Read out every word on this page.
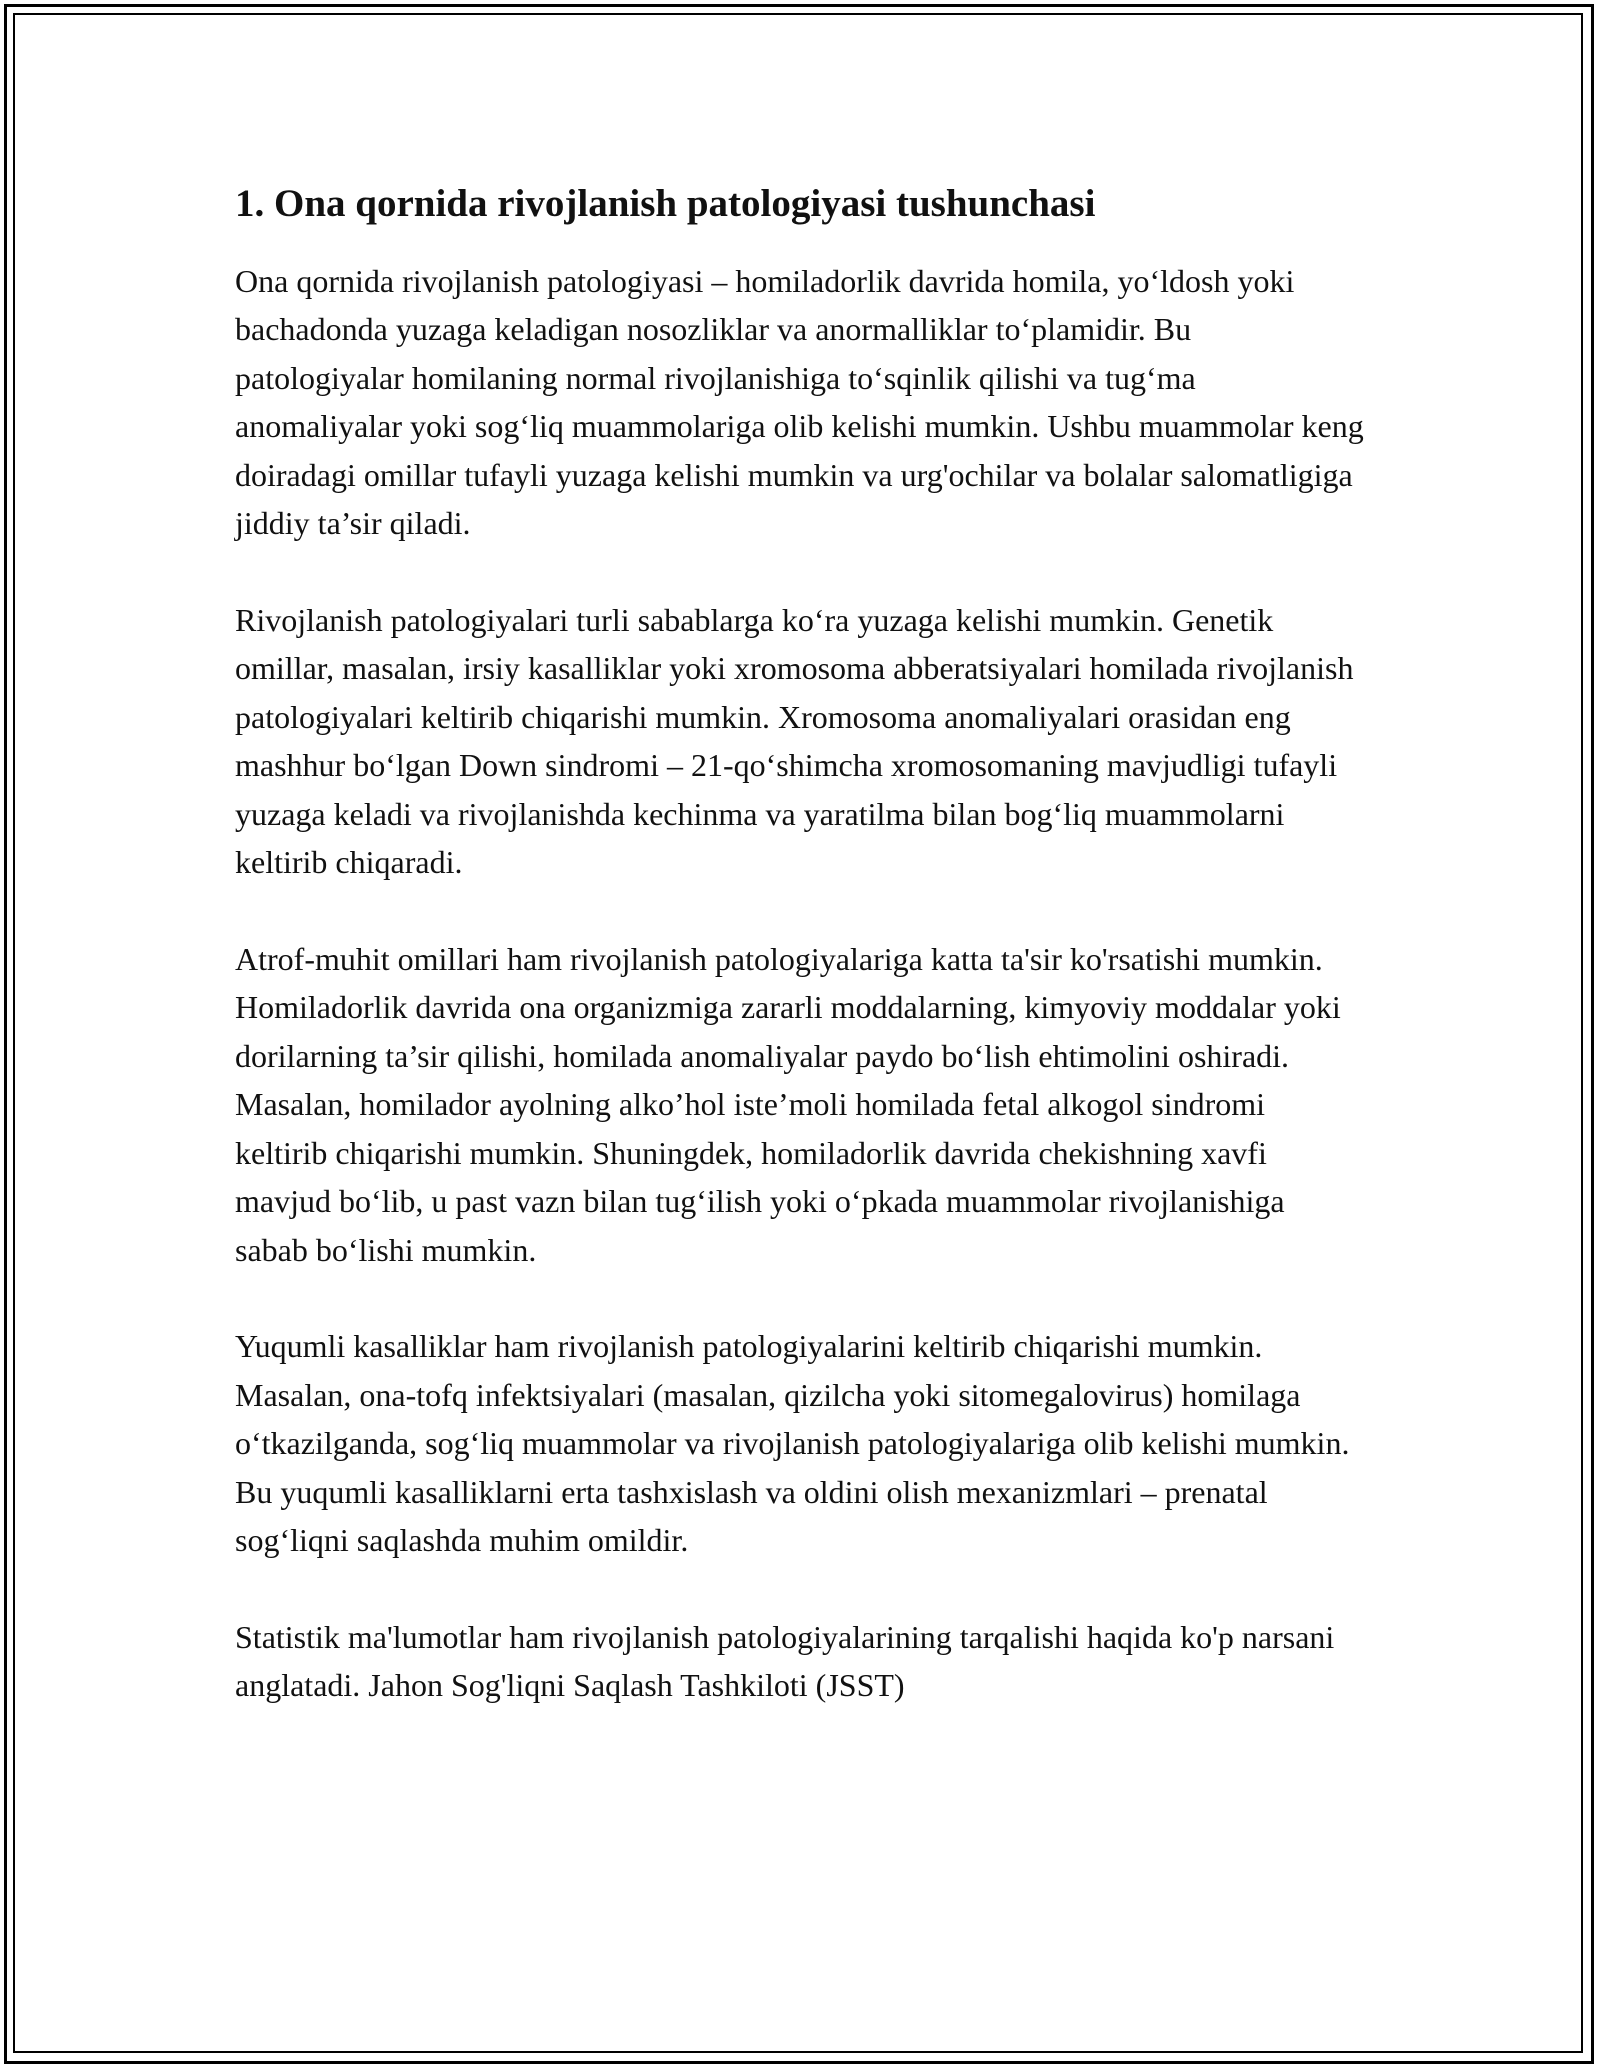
1. Ona qornida rivojlanish patologiyasi tushunchasi

Ona qornida rivojlanish patologiyasi – homiladorlik davrida homila, yo‘ldosh yoki bachadonda yuzaga keladigan nosozliklar va anormalliklar to‘plamidir. Bu patologiyalar homilaning normal rivojlanishiga to‘sqinlik qilishi va tug‘ma anomaliyalar yoki sog‘liq muammolariga olib kelishi mumkin. Ushbu muammolar keng doiradagi omillar tufayli yuzaga kelishi mumkin va urg'ochilar va bolalar salomatligiga jiddiy ta’sir qiladi.

Rivojlanish patologiyalari turli sabablarga ko‘ra yuzaga kelishi mumkin. Genetik omillar, masalan, irsiy kasalliklar yoki xromosoma abberatsiyalari homilada rivojlanish patologiyalari keltirib chiqarishi mumkin. Xromosoma anomaliyalari orasidan eng mashhur bo‘lgan Down sindromi – 21-qo‘shimcha xromosomaning mavjudligi tufayli yuzaga keladi va rivojlanishda kechinma va yaratilma bilan bog‘liq muammolarni keltirib chiqaradi.

Atrof-muhit omillari ham rivojlanish patologiyalariga katta ta'sir ko'rsatishi mumkin. Homiladorlik davrida ona organizmiga zararli moddalarning, kimyoviy moddalar yoki dorilarning ta’sir qilishi, homilada anomaliyalar paydo bo‘lish ehtimolini oshiradi. Masalan, homilador ayolning alko’hol iste’moli homilada fetal alkogol sindromi keltirib chiqarishi mumkin. Shuningdek, homiladorlik davrida chekishning xavfi mavjud bo‘lib, u past vazn bilan tug‘ilish yoki o‘pkada muammolar rivojlanishiga sabab bo‘lishi mumkin.

Yuqumli kasalliklar ham rivojlanish patologiyalarini keltirib chiqarishi mumkin. Masalan, ona-tofq infektsiyalari (masalan, qizilcha yoki sitomegalovirus) homilaga o‘tkazilganda, sog‘liq muammolar va rivojlanish patologiyalariga olib kelishi mumkin. Bu yuqumli kasalliklarni erta tashxislash va oldini olish mexanizmlari – prenatal sog‘liqni saqlashda muhim omildir.

Statistik ma'lumotlar ham rivojlanish patologiyalarining tarqalishi haqida ko'p narsani anglatadi. Jahon Sog'liqni Saqlash Tashkiloti (JSST)
